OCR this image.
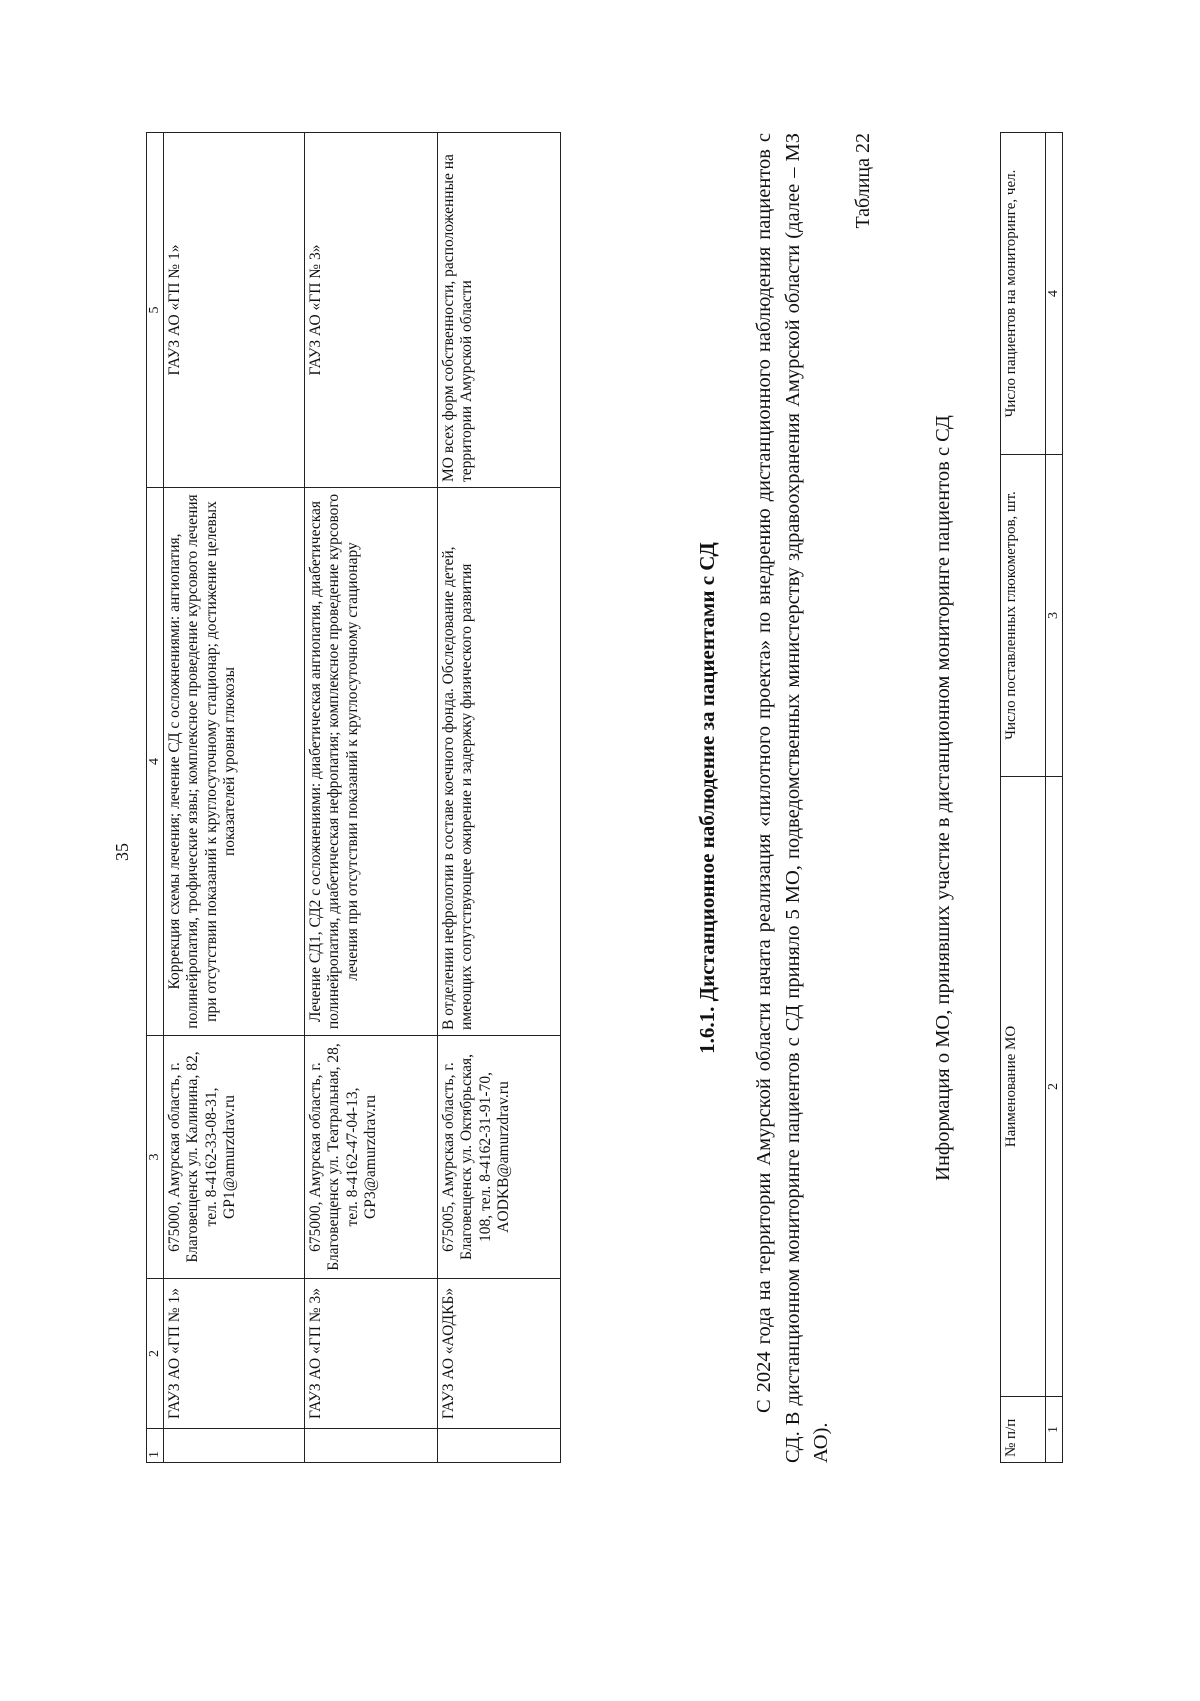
35
1	2	3	4	5
	ГАУЗ АО «ГП № 1»	675000, Амурская область, г. Благовещенск ул. Калинина, 82, тел. 8-4162-33-08-31, GP1@amurzdrav.ru	Коррекция схемы лечения; лечение СД с осложнениями: ангиопатия, полинейропатия, трофические язвы; комплексное проведение курсового лечения при отсутствии показаний к круглосуточному стационар; достижение целевых показателей уровня глюкозы	ГАУЗ АО «ГП № 1»
	ГАУЗ АО «ГП № 3»	675000, Амурская область, г. Благовещенск ул. Театральная, 28, тел. 8-4162-47-04-13, GP3@amurzdrav.ru	Лечение СД1, СД2 с осложнениями: диабетическая ангиопатия, диабетическая полинейропатия, диабетическая нефропатия; комплексное проведение курсового лечения при отсутствии показаний к круглосуточному стационару	ГАУЗ АО «ГП № 3»
	ГАУЗ АО «АОДКБ»	675005, Амурская область, г. Благовещенск ул. Октябрьская, 108, тел. 8-4162-31-91-70, AODKB@amurzdrav.ru	В отделении нефрологии в составе коечного фонда. Обследование детей, имеющих сопутствующее ожирение и задержку физического развития	МО всех форм собственности, расположенные на территории Амурской области
1.6.1. Дистанционное наблюдение за пациентами с СД С 2024 года на территории Амурской области начата реализация «пилотного проекта» по внедрению дистанционного наблюдения пациентов с СД. В дистанционном мониторинге пациентов с СД приняло 5 МО, подведомственных министерству здравоохранения Амурской области (далее – МЗ АО).

Таблица 22
Информация о МО, принявших участие в дистанционном мониторинге пациентов с СД
№ п/п	Наименование МО	Число поставленных глюкометров, шт.	Число пациентов на мониторинге, чел.
1	2	3	4
